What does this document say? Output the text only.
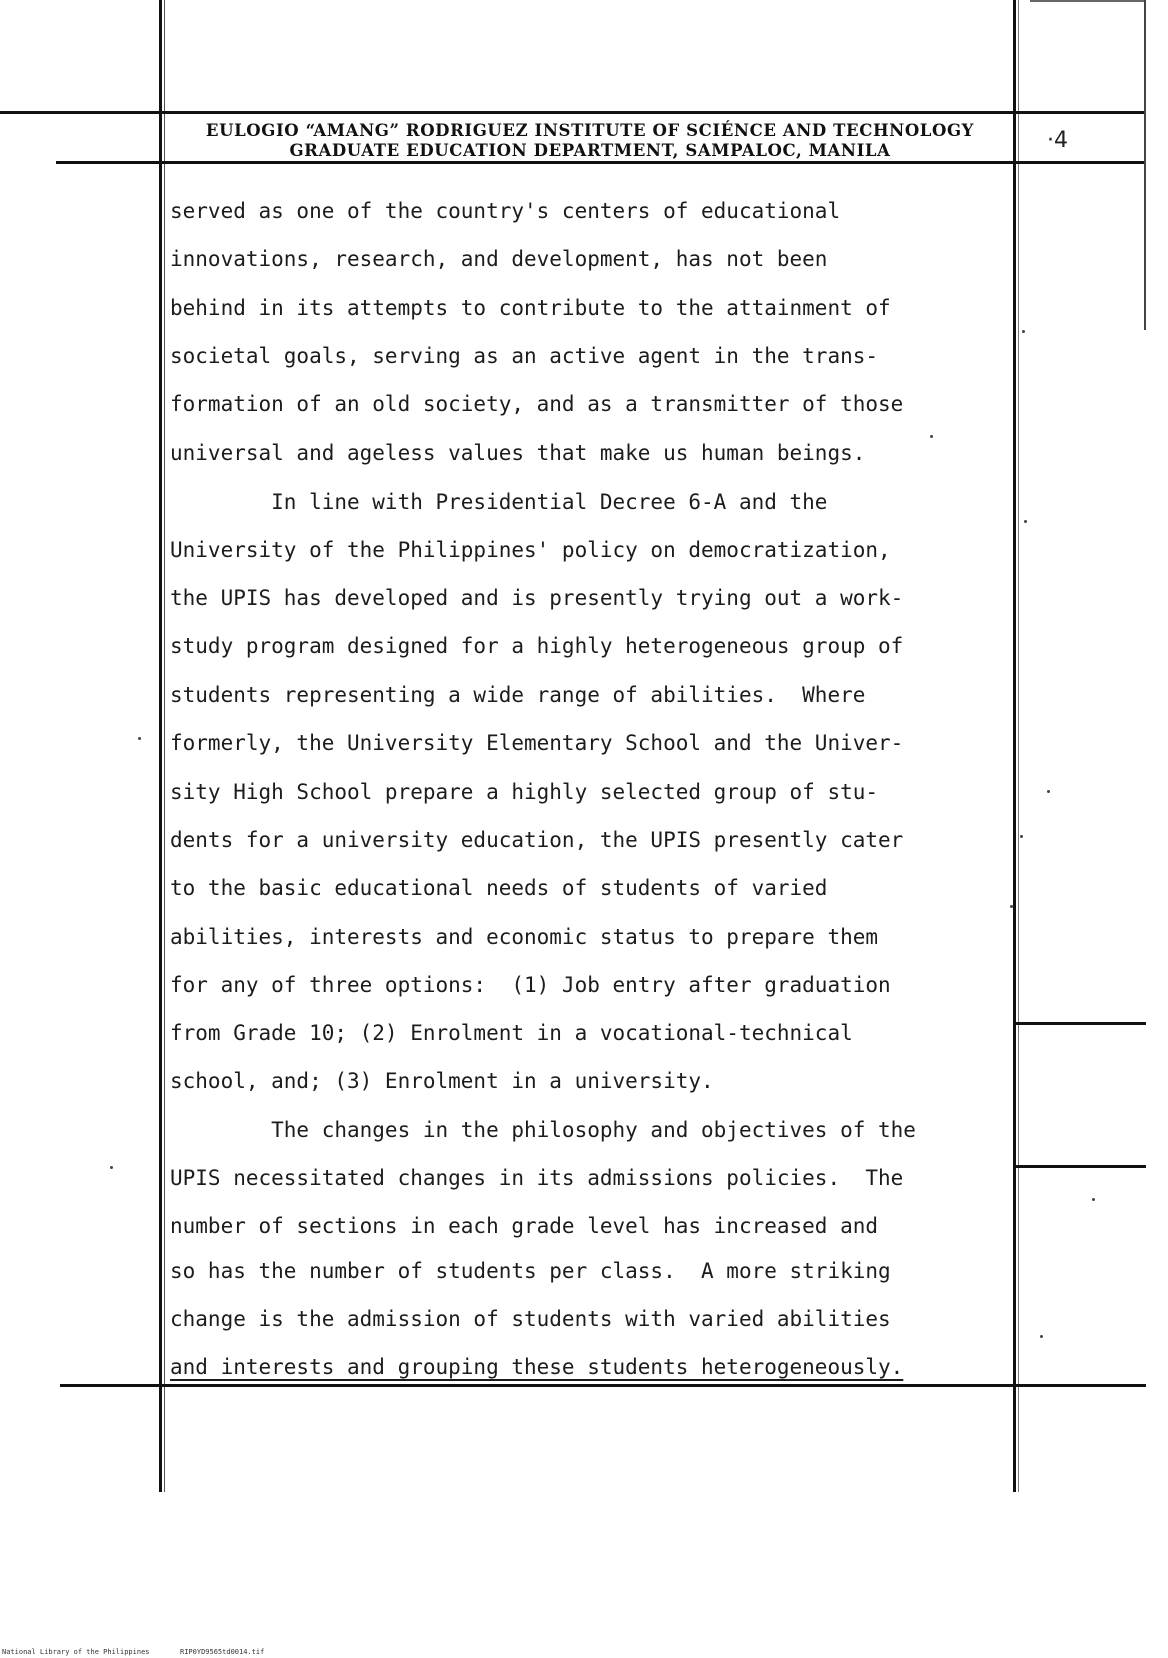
EULOGIO “AMANG” RODRIGUEZ INSTITUTE OF SCIÉNCE AND TECHNOLOGY
GRADUATE EDUCATION DEPARTMENT, SAMPALOC, MANILA	·4
served as one of the country's centers of educational
innovations, research, and development, has not been
behind in its attempts to contribute to the attainment of
societal goals, serving as an active agent in the trans-
formation of an old society, and as a transmitter of those
universal and ageless values that make us human beings.
In line with Presidential Decree 6-A and the
University of the Philippines' policy on democratization,
the UPIS has developed and is presently trying out a work-
study program designed for a highly heterogeneous group of
students representing a wide range of abilities.  Where
formerly, the University Elementary School and the Univer-
sity High School prepare a highly selected group of stu-
dents for a university education, the UPIS presently cater
to the basic educational needs of students of varied
abilities, interests and economic status to prepare them
for any of three options:  (1) Job entry after graduation
from Grade 10; (2) Enrolment in a vocational-technical
school, and; (3) Enrolment in a university.
The changes in the philosophy and objectives of the
UPIS necessitated changes in its admissions policies.  The
number of sections in each grade level has increased and
so has the number of students per class.  A more striking
change is the admission of students with varied abilities
and interests and grouping these students heterogeneously.
National Library of the Philippines	RIP0YD9565td0014.tif
